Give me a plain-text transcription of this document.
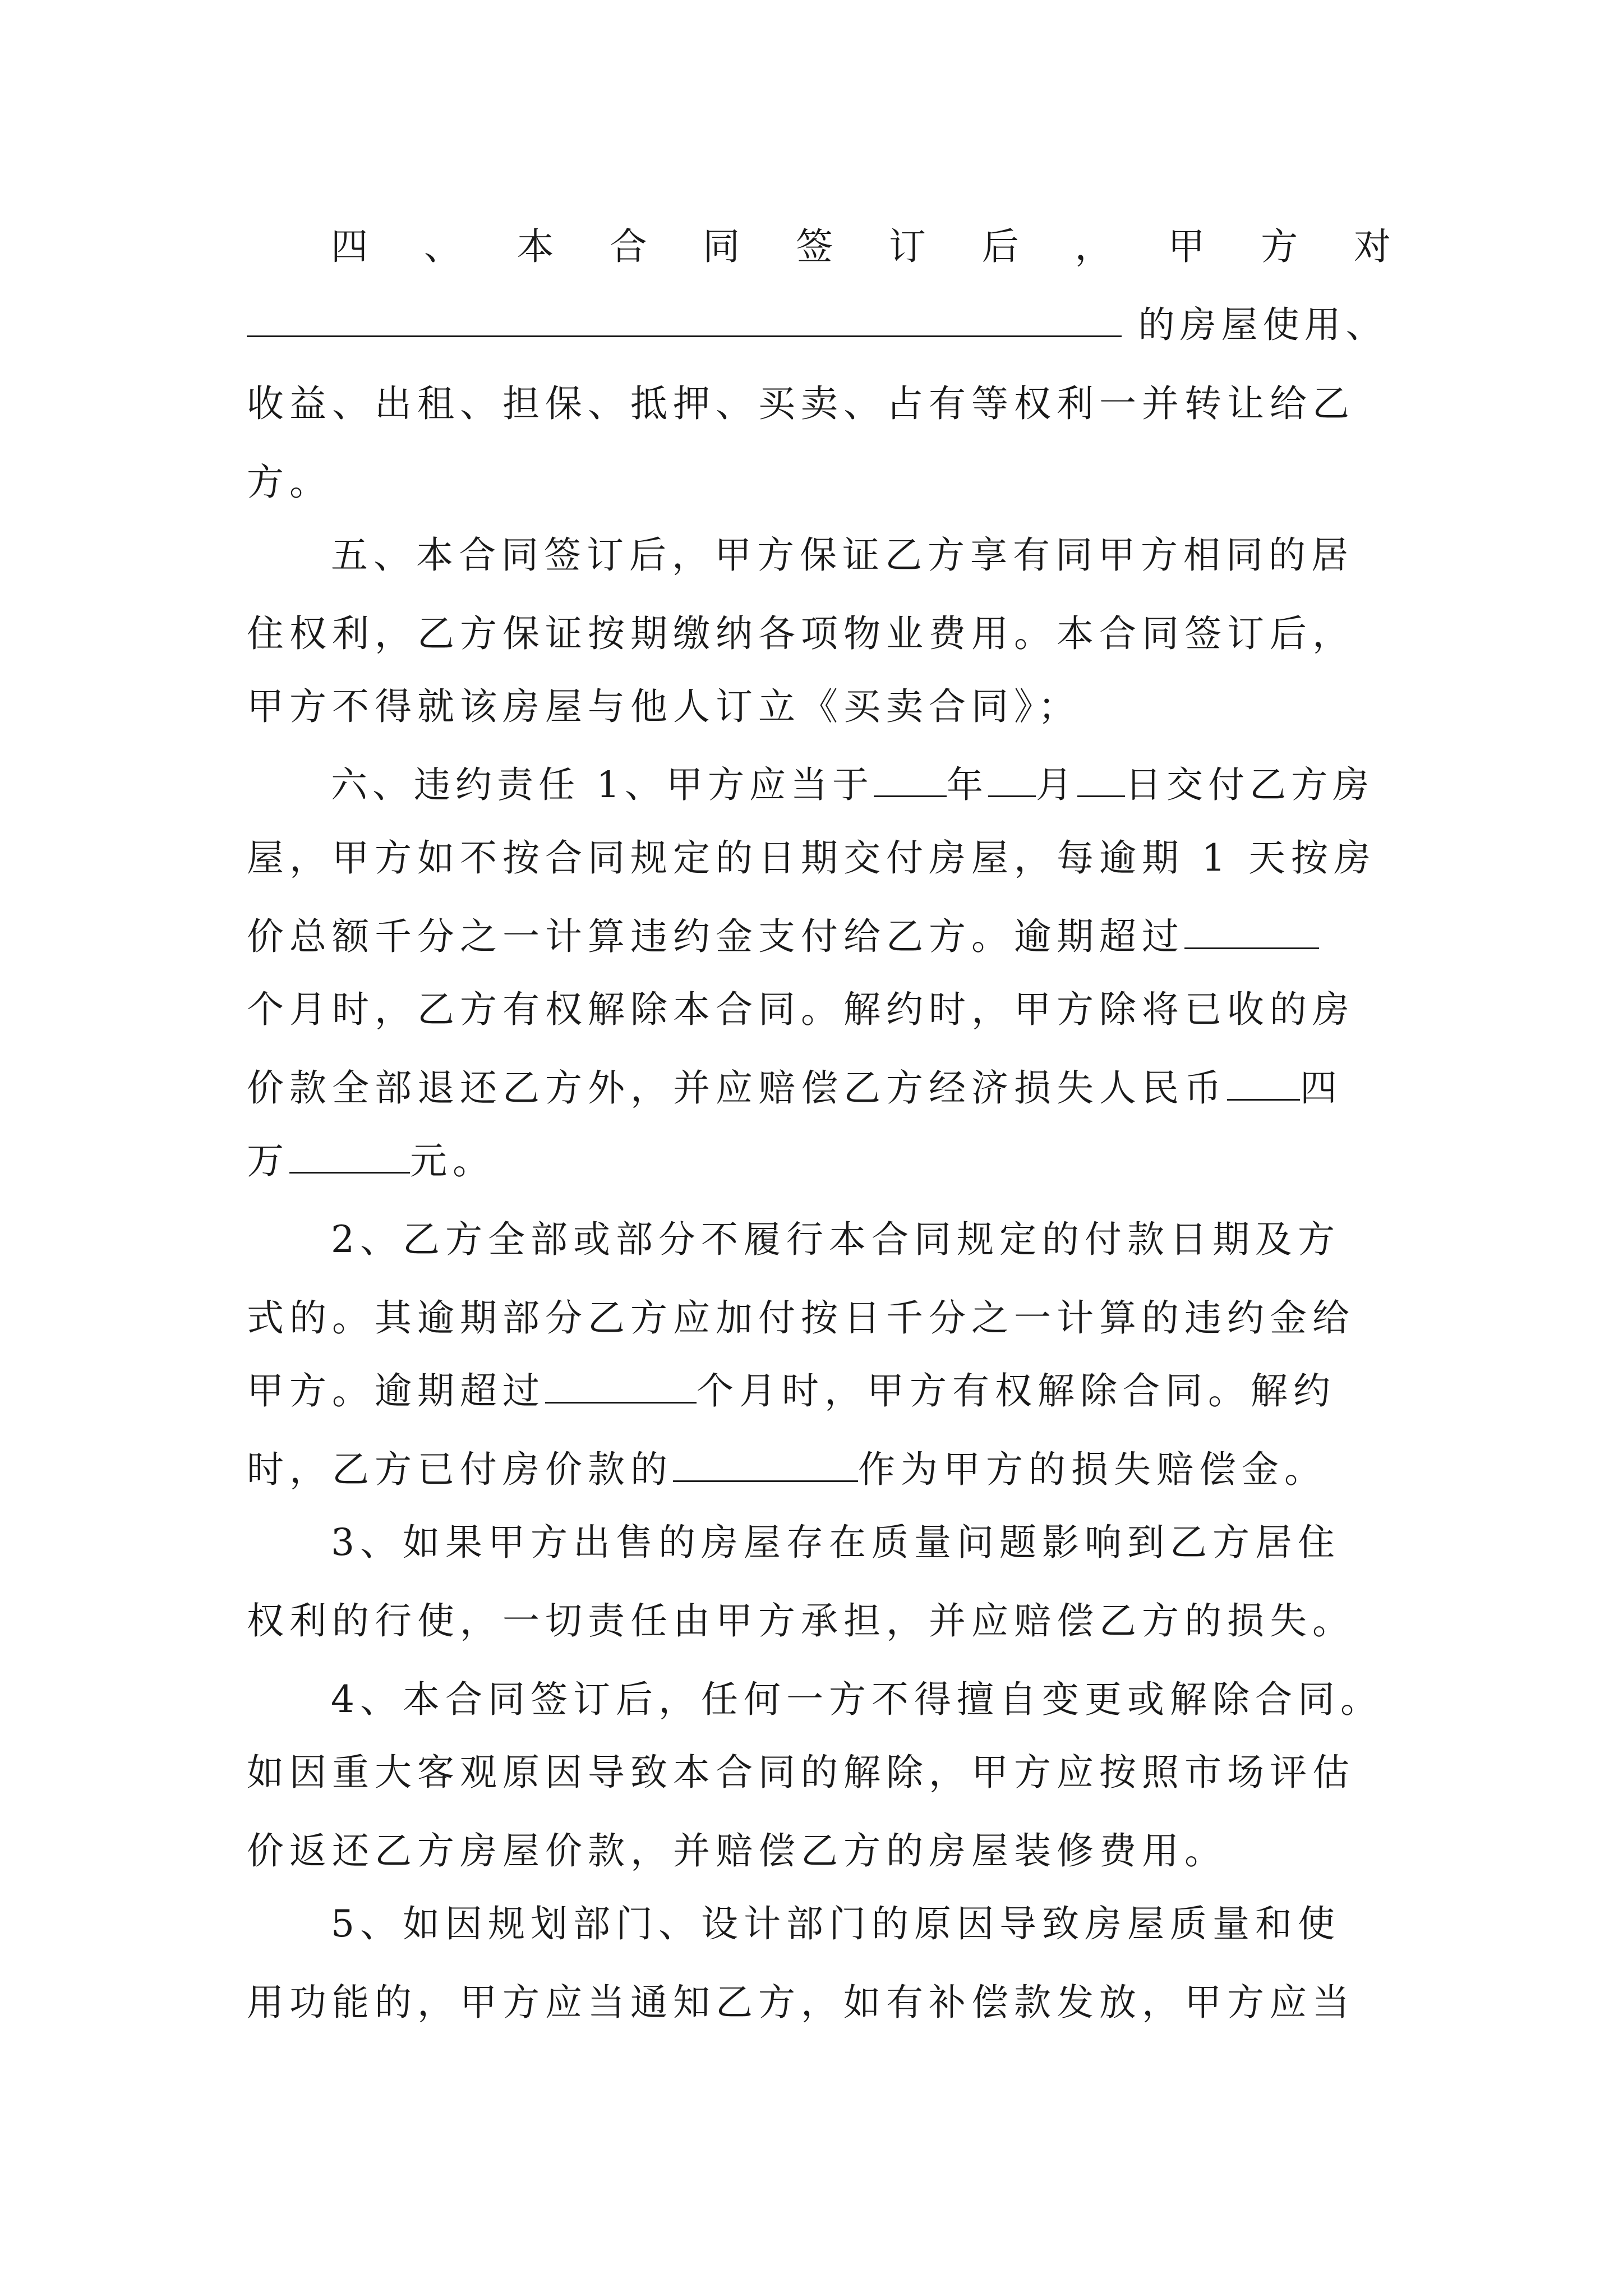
四 、 本 合 同 签 订 后 ， 甲 方 对
的房屋使用、
收益、出租、担保、抵押、买卖、占有等权利一并转让给乙
方。
五、本合同签订后，甲方保证乙方享有同甲方相同的居
住权利，乙方保证按期缴纳各项物业费用。本合同签订后，
甲方不得就该房屋与他人订立《买卖合同》；
六、违约责任 1、甲方应当于 年 月 日交付乙方房
屋，甲方如不按合同规定的日期交付房屋，每逾期 1 天按房
价总额千分之一计算违约金支付给乙方。逾期超过
个月时，乙方有权解除本合同。解约时，甲方除将已收的房
价款全部退还乙方外，并应赔偿乙方经济损失人民币 四
万	元。
2、乙方全部或部分不履行本合同规定的付款日期及方
式的。其逾期部分乙方应加付按日千分之一计算的违约金给
甲方。逾期超过	个月时，甲方有权解除合同。解约
时，乙方已付房价款的	作为甲方的损失赔偿金。
3、如果甲方出售的房屋存在质量问题影响到乙方居住
权利的行使，一切责任由甲方承担，并应赔偿乙方的损失。
4、本合同签订后，任何一方不得擅自变更或解除合同。
如因重大客观原因导致本合同的解除，甲方应按照市场评估
价返还乙方房屋价款，并赔偿乙方的房屋装修费用。
5、如因规划部门、设计部门的原因导致房屋质量和使
用功能的，甲方应当通知乙方，如有补偿款发放，甲方应当
